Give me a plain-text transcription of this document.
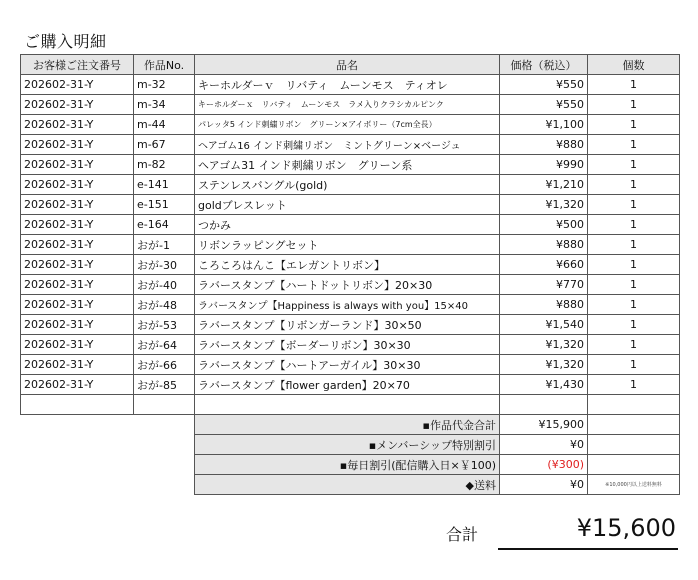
ご購入明細
お客様ご注文番号	作品No.	品名	価格（税込）	個数
202602-31-Y	m-32	キーホルダーｖ　リバティ　ムーンモス　ティオレ	¥550	1
202602-31-Y	m-34	キーホルダーｘ　リバティ　ムーンモス　ラメ入りクラシカルピンク	¥550	1
202602-31-Y	m-44	パレッタ5 インド刺繍リボン　グリーン×アイボリー（7cm全長）	¥1,100	1
202602-31-Y	m-67	ヘアゴム16 インド刺繍リボン　ミントグリーン×ベージュ	¥880	1
202602-31-Y	m-82	ヘアゴム31 インド刺繍リボン　グリーン系	¥990	1
202602-31-Y	e-141	ステンレスバングル(gold)	¥1,210	1
202602-31-Y	e-151	goldブレスレット	¥1,320	1
202602-31-Y	e-164	つかみ	¥500	1
202602-31-Y	おが-1	リボンラッピングセット	¥880	1
202602-31-Y	おが-30	ころころはんこ【エレガントリボン】	¥660	1
202602-31-Y	おが-40	ラバースタンプ【ハートドットリボン】20×30	¥770	1
202602-31-Y	おが-48	ラバースタンプ【Happiness is always with you】15×40	¥880	1
202602-31-Y	おが-53	ラバースタンプ【リボンガーランド】30×50	¥1,540	1
202602-31-Y	おが-64	ラバースタンプ【ボーダーリボン】30×30	¥1,320	1
202602-31-Y	おが-66	ラバースタンプ【ハートアーガイル】30×30	¥1,320	1
202602-31-Y	おが-85	ラバースタンプ【flower garden】20×70	¥1,430	1

		▪作品代金合計	¥15,900	
		▪メンバーシップ特別割引	¥0	
		▪毎日割引(配信購入日×￥100)	(¥300)	
		◆送料	¥0	※10,000円以上送料無料
合計	¥15,600
